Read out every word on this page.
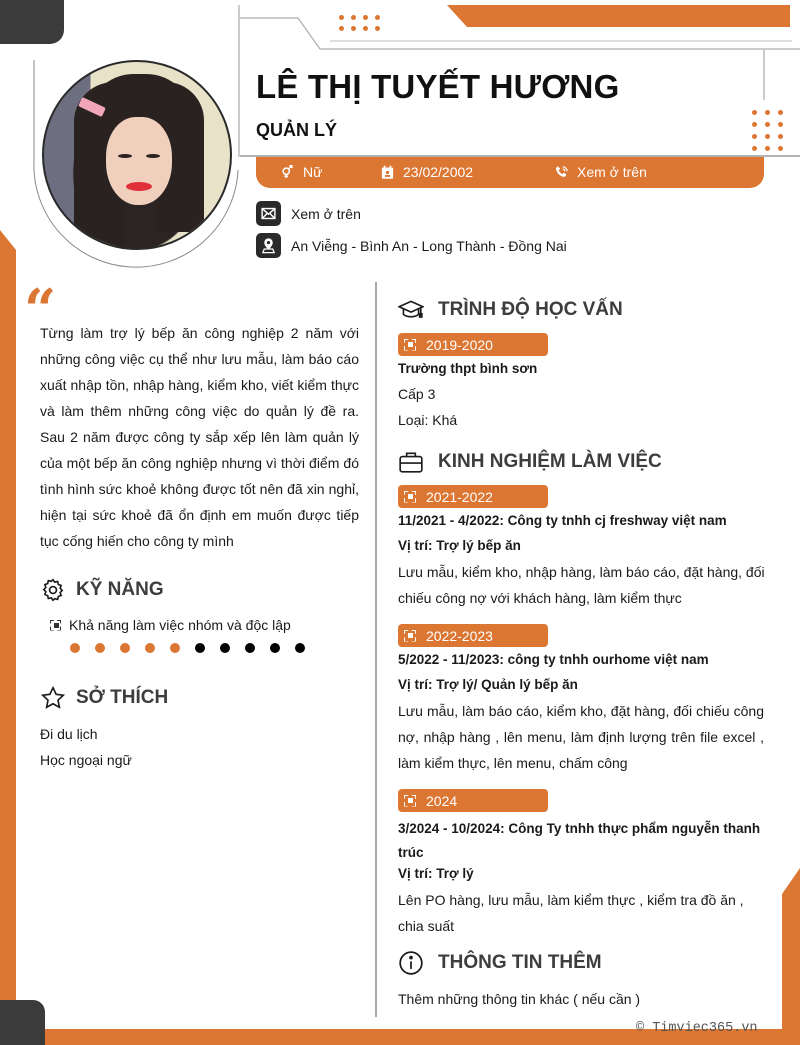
LÊ THỊ TUYẾT HƯƠNG
QUẢN LÝ
Nữ	23/02/2002	Xem ở trên
Xem ở trên
An Viễng - Bình An - Long Thành - Đồng Nai
“
Từng làm trợ lý bếp ăn công nghiệp 2 năm với những công việc cụ thể như lưu mẫu, làm báo cáo xuất nhập tồn, nhập hàng, kiểm kho, viết kiểm thực và làm thêm những công việc do quản lý đề ra. Sau 2 năm được công ty sắp xếp lên làm quản lý của một bếp ăn công nghiệp nhưng vì thời điểm đó tình hình sức khoẻ không được tốt nên đã xin nghỉ, hiện tại sức khoẻ đã ổn định em muốn được tiếp tục cống hiến cho công ty mình
KỸ NĂNG
Khả năng làm việc nhóm và độc lập
SỞ THÍCH
Đi du lịch
Học ngoại ngữ
TRÌNH ĐỘ HỌC VẤN
2019-2020
Trường thpt bình sơn
Cấp 3
Loại: Khá
KINH NGHIỆM LÀM VIỆC
2021-2022
11/2021 - 4/2022: Công ty tnhh cj freshway việt nam
Vị trí: Trợ lý bếp ăn
Lưu mẫu, kiểm kho, nhập hàng, làm báo cáo, đặt hàng, đối chiếu công nợ với khách hàng, làm kiểm thực
2022-2023
5/2022 - 11/2023: công ty tnhh ourhome việt nam
Vị trí: Trợ lý/ Quản lý bếp ăn
Lưu mẫu, làm báo cáo, kiểm kho, đặt hàng, đối chiếu công nợ, nhập hàng , lên menu, làm định lượng trên file excel , làm kiểm thực, lên menu, chấm công
2024
3/2024 - 10/2024: Công Ty tnhh thực phẩm nguyễn thanh trúc
Vị trí: Trợ lý
Lên PO hàng, lưu mẫu, làm kiểm thực , kiểm tra đồ ăn , chia suất
THÔNG TIN THÊM
Thêm những thông tin khác ( nếu cần )
© Timviec365.vn
